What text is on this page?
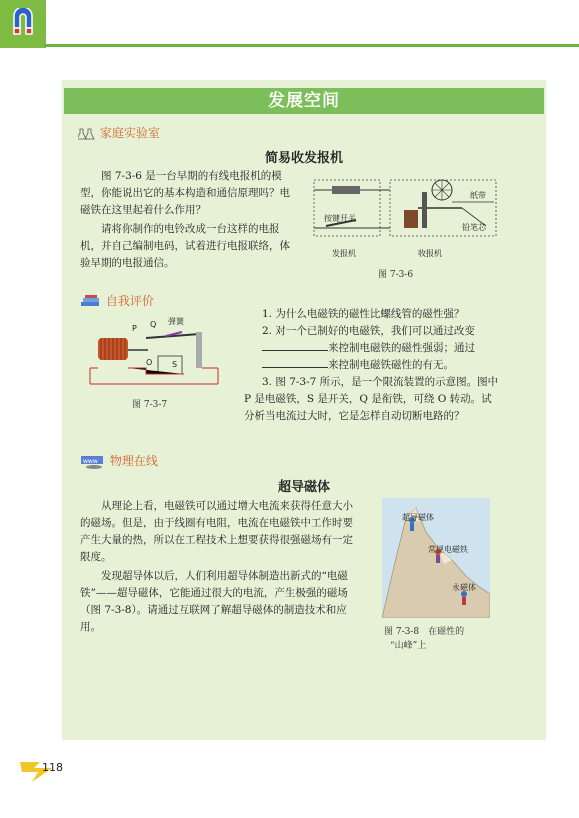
发展空间
家庭实验室
简易收发报机
图 7-3-6 是一台早期的有线电报机的模型，你能说出它的基本构造和通信原理吗？电磁铁在这里起着什么作用？
请将你制作的电铃改成一台这样的电报机，并自己编制电码，试着进行电报联络，体验早期的电报通信。
按键开关
发报机	收报机
纸带
铅笔芯
图 7-3-6
自我评价
P Q 弹簧
O S
图 7-3-7
1. 为什么电磁铁的磁性比螺线管的磁性强？
2. 对一个已制好的电磁铁，我们可以通过改变
来控制电磁铁的磁性强弱；通过
来控制电磁铁磁性的有无。
3. 图 7-3-7 所示，是一个限流装置的示意图。图中 P 是电磁铁，S 是开关，Q 是衔铁，可绕 O 转动。试分析当电流过大时，它是怎样自动切断电路的？
www 物理在线
超导磁体
从理论上看，电磁铁可以通过增大电流来获得任意大小的磁场。但是，由于线圈有电阻，电流在电磁铁中工作时要产生大量的热，所以在工程技术上想要获得很强磁场有一定限度。
发现超导体以后，人们利用超导体制造出新式的“电磁铁”——超导磁体，它能通过很大的电流，产生极强的磁场（图 7-3-8）。请通过互联网了解超导磁体的制造技术和应用。
超导磁体
常规电磁铁
永磁体
图 7-3-8　在磁性的
“山峰”上
118
